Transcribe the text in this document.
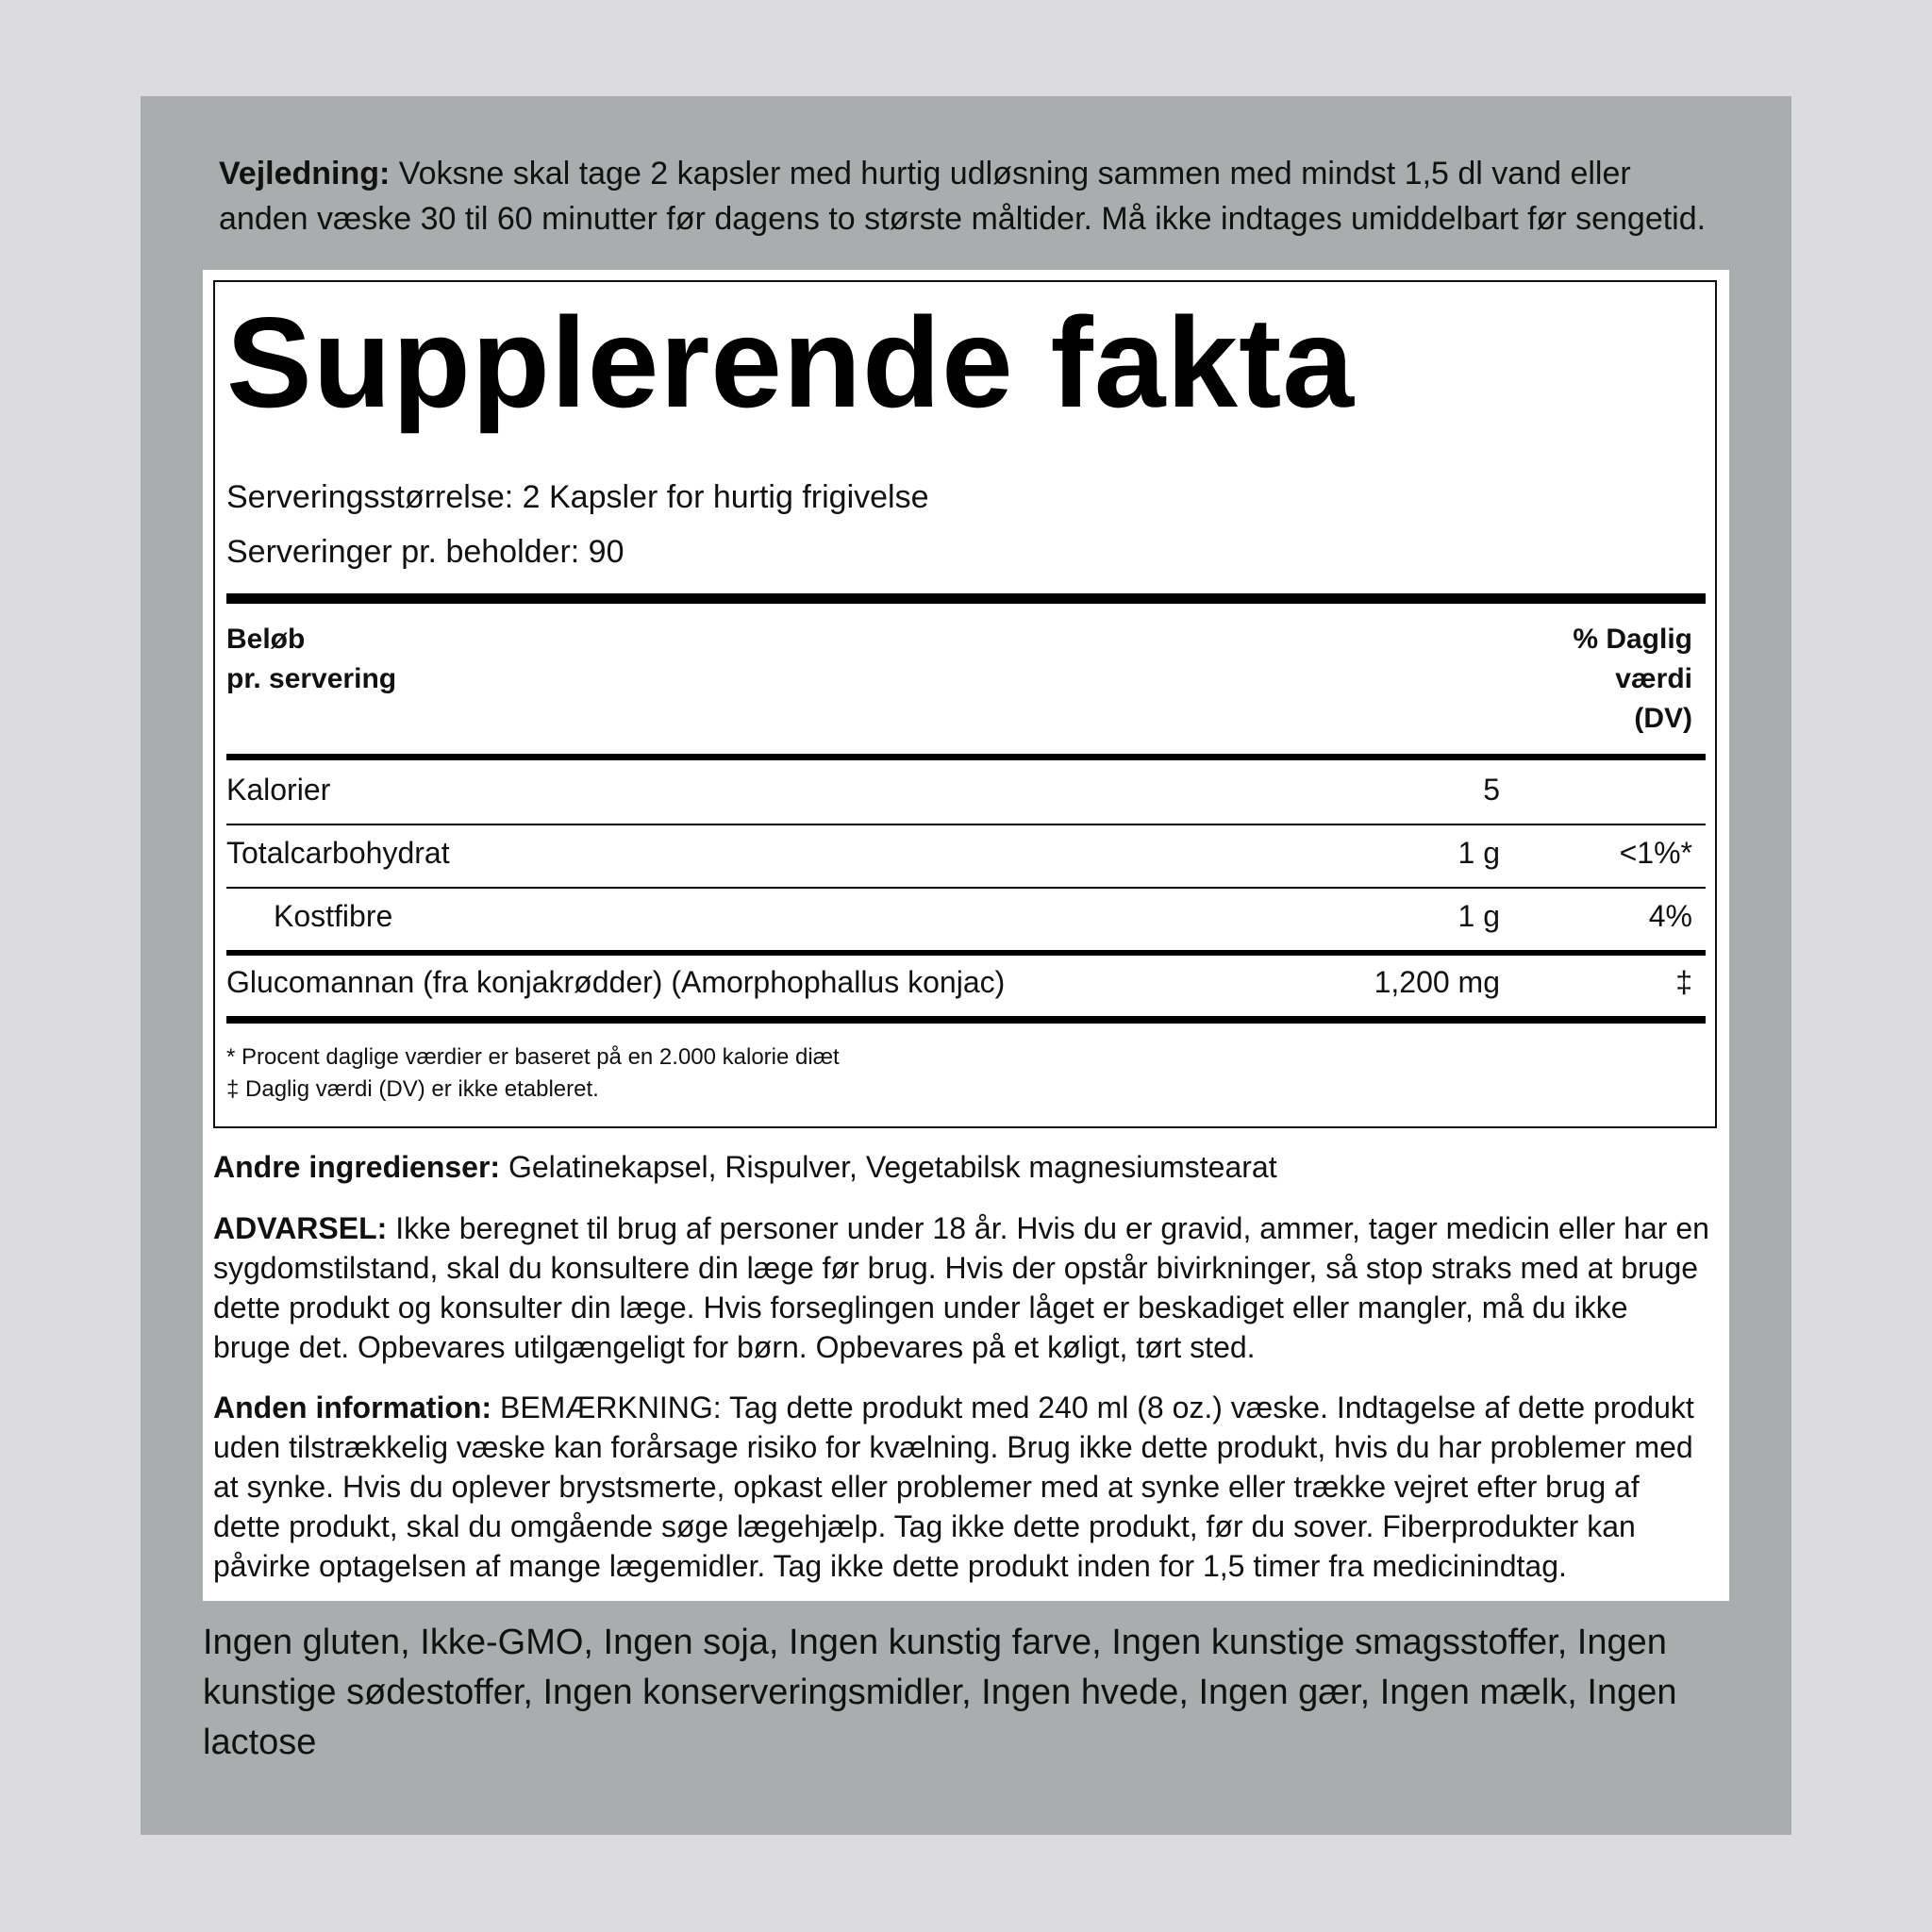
Vejledning: Voksne skal tage 2 kapsler med hurtig udløsning sammen med mindst 1,5 dl vand eller anden væske 30 til 60 minutter før dagens to største måltider. Må ikke indtages umiddelbart før sengetid.
Supplerende fakta
Serveringsstørrelse: 2 Kapsler for hurtig frigivelse
Serveringer pr. beholder: 90
Beløb
pr. servering
% Daglig
værdi
(DV)
Kalorier	5
Totalcarbohydrat	1 g	<1%*
Kostfibre	1 g	4%
Glucomannan (fra konjakrødder) (Amorphophallus konjac)	1,200 mg	‡
* Procent daglige værdier er baseret på en 2.000 kalorie diæt
‡ Daglig værdi (DV) er ikke etableret.
Andre ingredienser: Gelatinekapsel, Rispulver, Vegetabilsk magnesiumstearat
ADVARSEL: Ikke beregnet til brug af personer under 18 år. Hvis du er gravid, ammer, tager medicin eller har en sygdomstilstand, skal du konsultere din læge før brug. Hvis der opstår bivirkninger, så stop straks med at bruge dette produkt og konsulter din læge. Hvis forseglingen under låget er beskadiget eller mangler, må du ikke bruge det. Opbevares utilgængeligt for børn. Opbevares på et køligt, tørt sted.
Anden information: BEMÆRKNING: Tag dette produkt med 240 ml (8 oz.) væske. Indtagelse af dette produkt uden tilstrækkelig væske kan forårsage risiko for kvælning. Brug ikke dette produkt, hvis du har problemer med at synke. Hvis du oplever brystsmerte, opkast eller problemer med at synke eller trække vejret efter brug af dette produkt, skal du omgående søge lægehjælp. Tag ikke dette produkt, før du sover. Fiberprodukter kan påvirke optagelsen af mange lægemidler. Tag ikke dette produkt inden for 1,5 timer fra medicinindtag.
Ingen gluten, Ikke-GMO, Ingen soja, Ingen kunstig farve, Ingen kunstige smagsstoffer, Ingen kunstige sødestoffer, Ingen konserveringsmidler, Ingen hvede, Ingen gær, Ingen mælk, Ingen lactose
